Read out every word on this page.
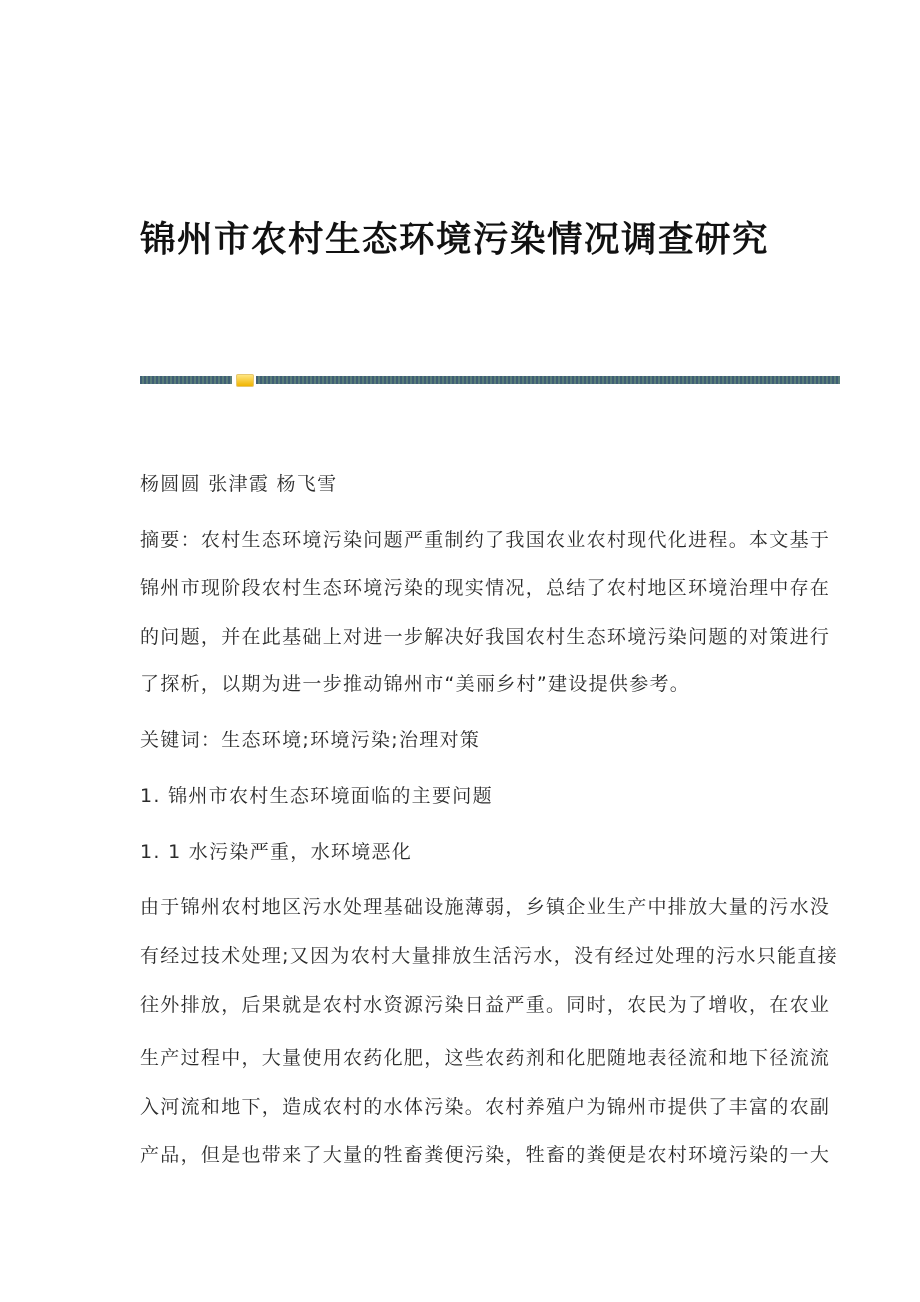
锦州市农村生态环境污染情况调查研究
杨圆圆 张津霞 杨飞雪
摘要：农村生态环境污染问题严重制约了我国农业农村现代化进程。本文基于
锦州市现阶段农村生态环境污染的现实情况，总结了农村地区环境治理中存在
的问题，并在此基础上对进一步解决好我国农村生态环境污染问题的对策进行
了探析，以期为进一步推动锦州市“美丽乡村”建设提供参考。
关键词：生态环境;环境污染;治理对策
1. 锦州市农村生态环境面临的主要问题
1. 1 水污染严重，水环境恶化
由于锦州农村地区污水处理基础设施薄弱，乡镇企业生产中排放大量的污水没
有经过技术处理;又因为农村大量排放生活污水，没有经过处理的污水只能直接
往外排放，后果就是农村水资源污染日益严重。同时，农民为了增收，在农业
生产过程中，大量使用农药化肥，这些农药剂和化肥随地表径流和地下径流流
入河流和地下，造成农村的水体污染。农村养殖户为锦州市提供了丰富的农副
产品，但是也带来了大量的牲畜粪便污染，牲畜的粪便是农村环境污染的一大
